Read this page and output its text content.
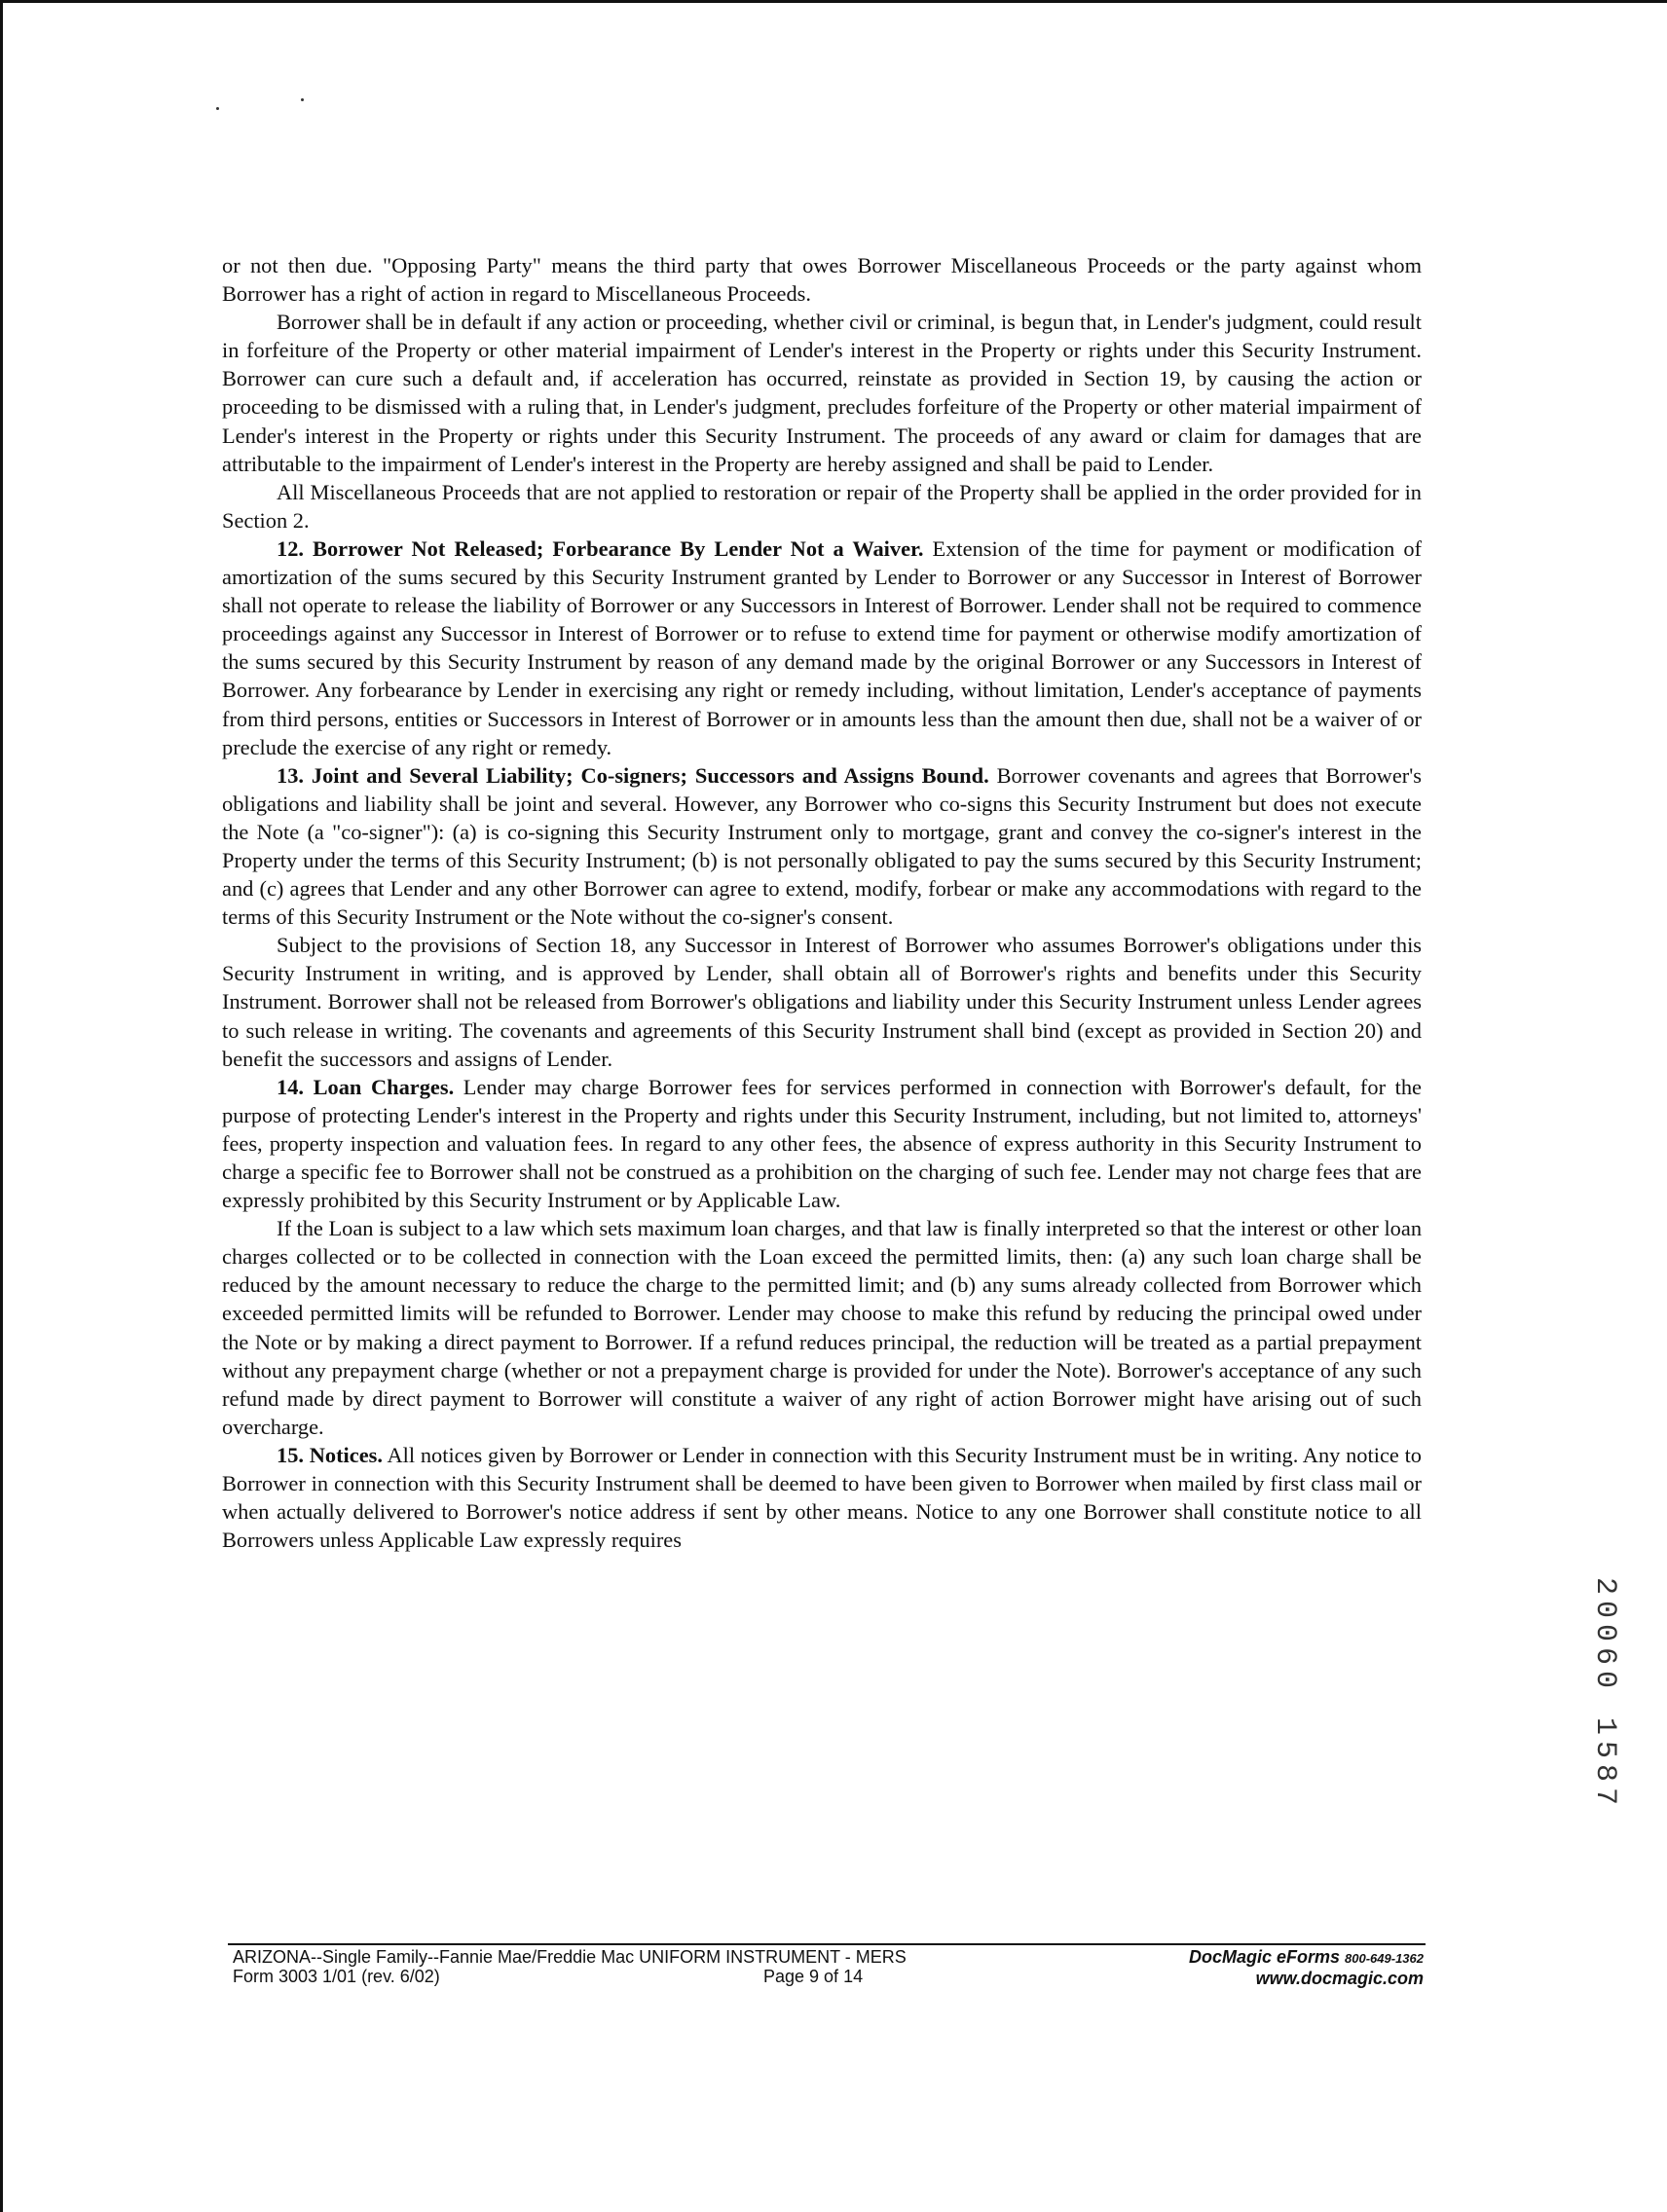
or not then due. "Opposing Party" means the third party that owes Borrower Miscellaneous Proceeds or the party against whom Borrower has a right of action in regard to Miscellaneous Proceeds.

Borrower shall be in default if any action or proceeding, whether civil or criminal, is begun that, in Lender's judgment, could result in forfeiture of the Property or other material impairment of Lender's interest in the Property or rights under this Security Instrument. Borrower can cure such a default and, if acceleration has occurred, reinstate as provided in Section 19, by causing the action or proceeding to be dismissed with a ruling that, in Lender's judgment, precludes forfeiture of the Property or other material impairment of Lender's interest in the Property or rights under this Security Instrument. The proceeds of any award or claim for damages that are attributable to the impairment of Lender's interest in the Property are hereby assigned and shall be paid to Lender.

All Miscellaneous Proceeds that are not applied to restoration or repair of the Property shall be applied in the order provided for in Section 2.

12. Borrower Not Released; Forbearance By Lender Not a Waiver. Extension of the time for payment or modification of amortization of the sums secured by this Security Instrument granted by Lender to Borrower or any Successor in Interest of Borrower shall not operate to release the liability of Borrower or any Successors in Interest of Borrower. Lender shall not be required to commence proceedings against any Successor in Interest of Borrower or to refuse to extend time for payment or otherwise modify amortization of the sums secured by this Security Instrument by reason of any demand made by the original Borrower or any Successors in Interest of Borrower. Any forbearance by Lender in exercising any right or remedy including, without limitation, Lender's acceptance of payments from third persons, entities or Successors in Interest of Borrower or in amounts less than the amount then due, shall not be a waiver of or preclude the exercise of any right or remedy.

13. Joint and Several Liability; Co-signers; Successors and Assigns Bound. Borrower covenants and agrees that Borrower's obligations and liability shall be joint and several. However, any Borrower who co-signs this Security Instrument but does not execute the Note (a "co-signer"): (a) is co-signing this Security Instrument only to mortgage, grant and convey the co-signer's interest in the Property under the terms of this Security Instrument; (b) is not personally obligated to pay the sums secured by this Security Instrument; and (c) agrees that Lender and any other Borrower can agree to extend, modify, forbear or make any accommodations with regard to the terms of this Security Instrument or the Note without the co-signer's consent.

Subject to the provisions of Section 18, any Successor in Interest of Borrower who assumes Borrower's obligations under this Security Instrument in writing, and is approved by Lender, shall obtain all of Borrower's rights and benefits under this Security Instrument. Borrower shall not be released from Borrower's obligations and liability under this Security Instrument unless Lender agrees to such release in writing. The covenants and agreements of this Security Instrument shall bind (except as provided in Section 20) and benefit the successors and assigns of Lender.

14. Loan Charges. Lender may charge Borrower fees for services performed in connection with Borrower's default, for the purpose of protecting Lender's interest in the Property and rights under this Security Instrument, including, but not limited to, attorneys' fees, property inspection and valuation fees. In regard to any other fees, the absence of express authority in this Security Instrument to charge a specific fee to Borrower shall not be construed as a prohibition on the charging of such fee. Lender may not charge fees that are expressly prohibited by this Security Instrument or by Applicable Law.

If the Loan is subject to a law which sets maximum loan charges, and that law is finally interpreted so that the interest or other loan charges collected or to be collected in connection with the Loan exceed the permitted limits, then: (a) any such loan charge shall be reduced by the amount necessary to reduce the charge to the permitted limit; and (b) any sums already collected from Borrower which exceeded permitted limits will be refunded to Borrower. Lender may choose to make this refund by reducing the principal owed under the Note or by making a direct payment to Borrower. If a refund reduces principal, the reduction will be treated as a partial prepayment without any prepayment charge (whether or not a prepayment charge is provided for under the Note). Borrower's acceptance of any such refund made by direct payment to Borrower will constitute a waiver of any right of action Borrower might have arising out of such overcharge.

15. Notices. All notices given by Borrower or Lender in connection with this Security Instrument must be in writing. Any notice to Borrower in connection with this Security Instrument shall be deemed to have been given to Borrower when mailed by first class mail or when actually delivered to Borrower's notice address if sent by other means. Notice to any one Borrower shall constitute notice to all Borrowers unless Applicable Law expressly requires

ARIZONA--Single Family--Fannie Mae/Freddie Mac UNIFORM INSTRUMENT - MERS
Form 3003 1/01 (rev. 6/02)	Page 9 of 14
DocMagic eForms 800-649-1362
www.docmagic.com
20060 1587
